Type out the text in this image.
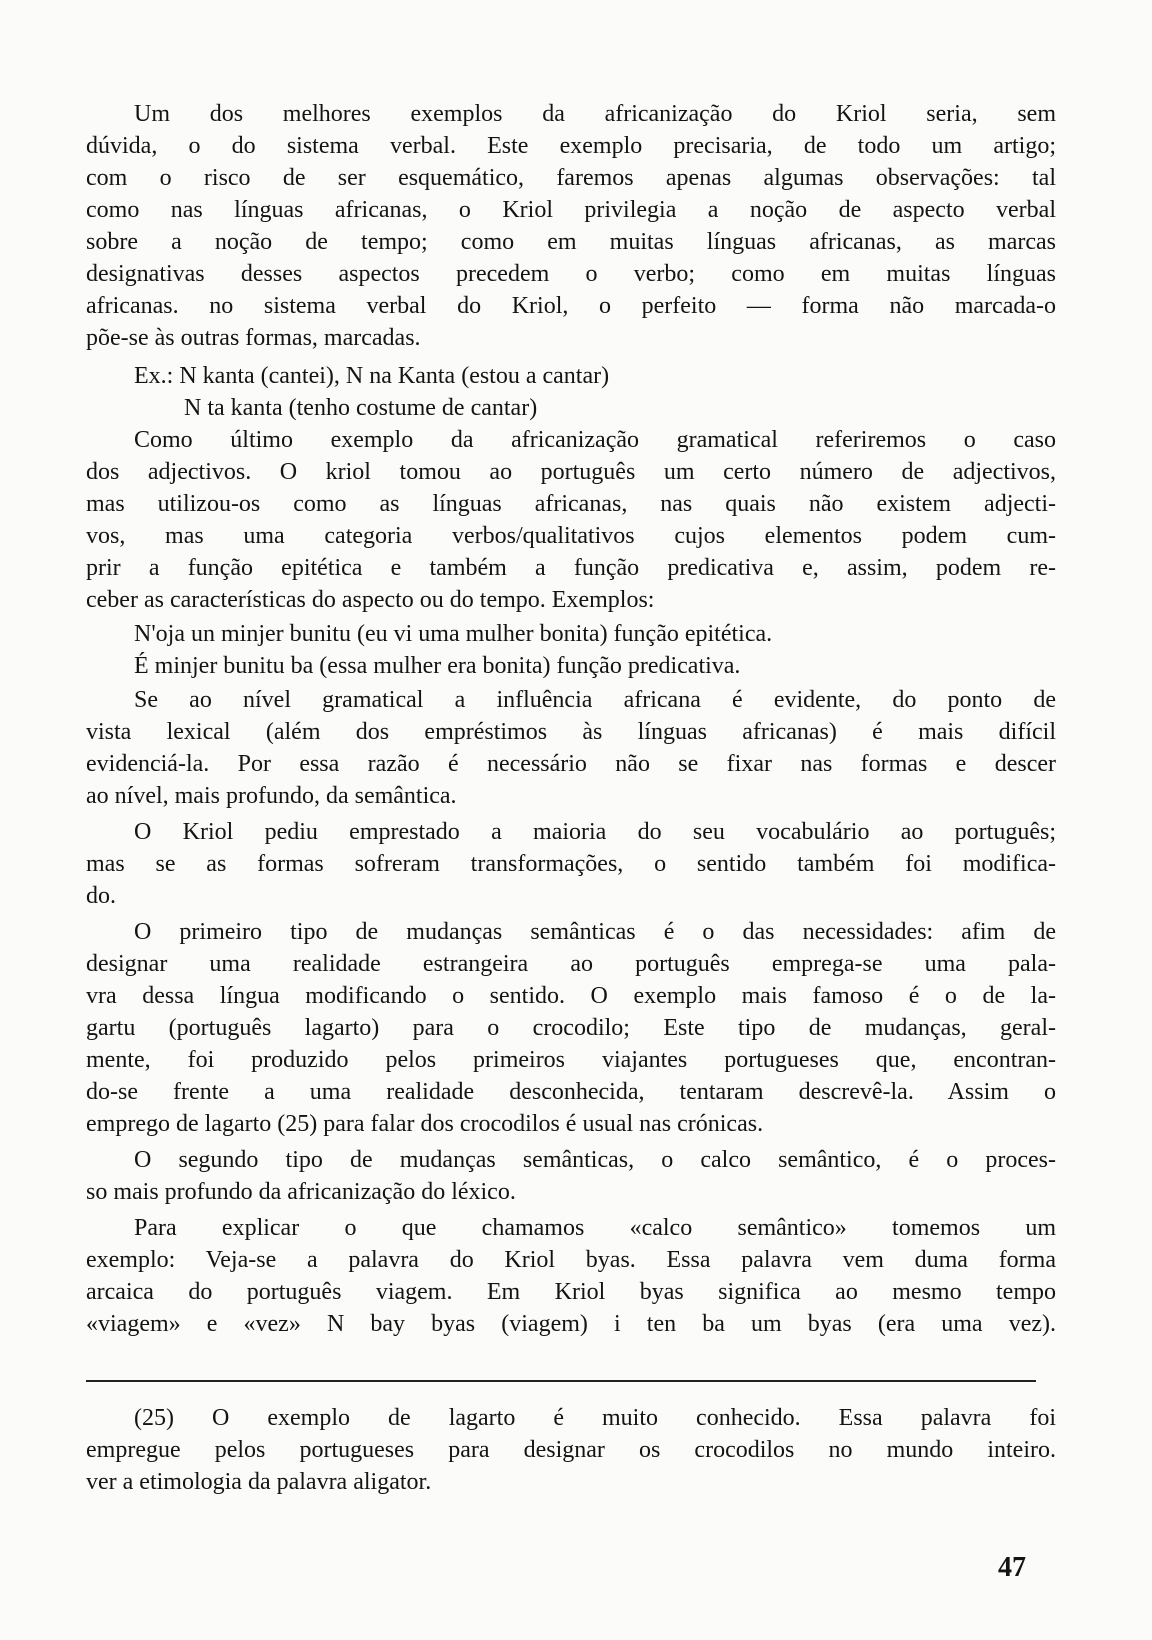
Um dos melhores exemplos da africanização do Kriol seria, sem
dúvida, o do sistema verbal. Este exemplo precisaria, de todo um artigo;
com o risco de ser esquemático, faremos apenas algumas observações: tal
como nas línguas africanas, o Kriol privilegia a noção de aspecto verbal
sobre a noção de tempo; como em muitas línguas africanas, as marcas
designativas desses aspectos precedem o verbo; como em muitas línguas
africanas. no sistema verbal do Kriol, o perfeito — forma não marcada-o
põe-se às outras formas, marcadas.
Ex.: N kanta (cantei), N na Kanta (estou a cantar)
N ta kanta (tenho costume de cantar)
Como último exemplo da africanização gramatical referiremos o caso
dos adjectivos. O kriol tomou ao português um certo número de adjectivos,
mas utilizou-os como as línguas africanas, nas quais não existem adjecti-
vos, mas uma categoria verbos/qualitativos cujos elementos podem cum-
prir a função epitética e também a função predicativa e, assim, podem re-
ceber as características do aspecto ou do tempo. Exemplos:
N'oja un minjer bunitu (eu vi uma mulher bonita) função epitética.
É minjer bunitu ba (essa mulher era bonita) função predicativa.
Se ao nível gramatical a influência africana é evidente, do ponto de
vista lexical (além dos empréstimos às línguas africanas) é mais difícil
evidenciá-la. Por essa razão é necessário não se fixar nas formas e descer
ao nível, mais profundo, da semântica.
O Kriol pediu emprestado a maioria do seu vocabulário ao português;
mas se as formas sofreram transformações, o sentido também foi modifica-
do.
O primeiro tipo de mudanças semânticas é o das necessidades: afim de
designar uma realidade estrangeira ao português emprega-se uma pala-
vra dessa língua modificando o sentido. O exemplo mais famoso é o de la-
gartu (português lagarto) para o crocodilo; Este tipo de mudanças, geral-
mente, foi produzido pelos primeiros viajantes portugueses que, encontran-
do-se frente a uma realidade desconhecida, tentaram descrevê-la. Assim o
emprego de lagarto (25) para falar dos crocodilos é usual nas crónicas.
O segundo tipo de mudanças semânticas, o calco semântico, é o proces-
so mais profundo da africanização do léxico.
Para explicar o que chamamos «calco semântico» tomemos um
exemplo: Veja-se a palavra do Kriol byas. Essa palavra vem duma forma
arcaica do português viagem. Em Kriol byas significa ao mesmo tempo
«viagem» e «vez» N bay byas (viagem) i ten ba um byas (era uma vez).
(25) O exemplo de lagarto é muito conhecido. Essa palavra foi
empregue pelos portugueses para designar os crocodilos no mundo inteiro.
ver a etimologia da palavra aligator.
47
